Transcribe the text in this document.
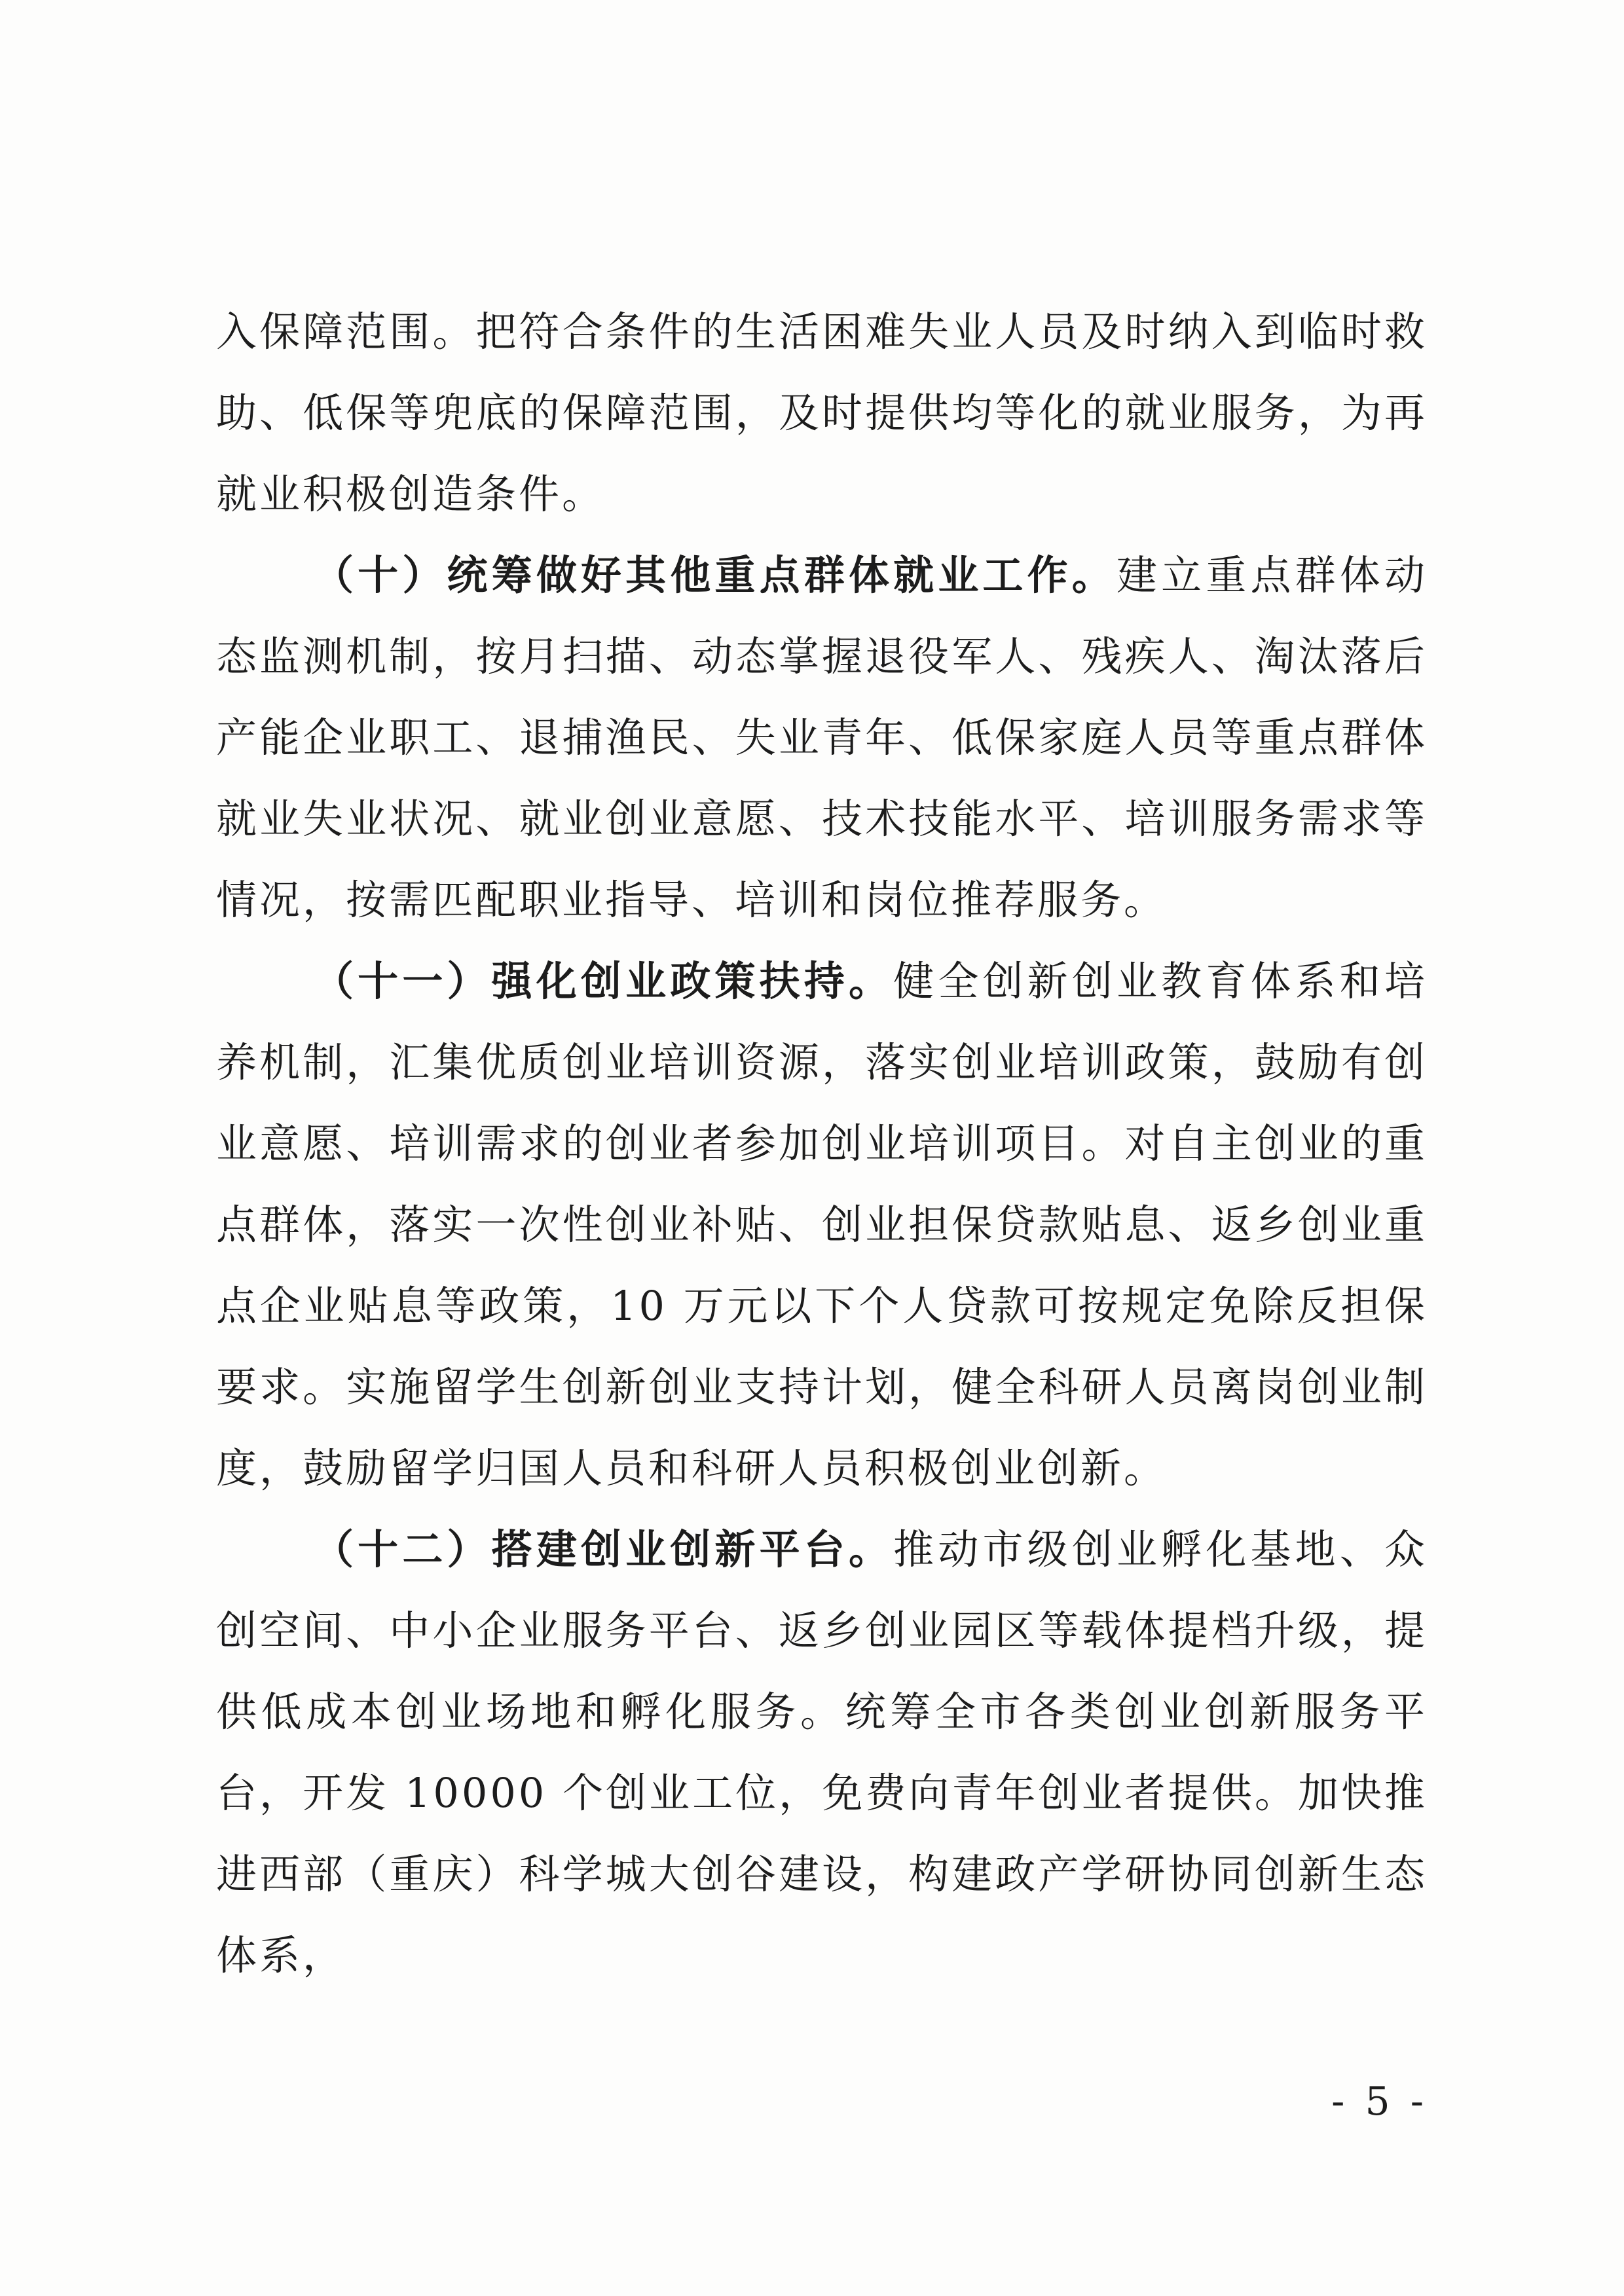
入保障范围。把符合条件的生活困难失业人员及时纳入到临时救助、低保等兜底的保障范围，及时提供均等化的就业服务，为再就业积极创造条件。

（十）统筹做好其他重点群体就业工作。建立重点群体动态监测机制，按月扫描、动态掌握退役军人、残疾人、淘汰落后产能企业职工、退捕渔民、失业青年、低保家庭人员等重点群体就业失业状况、就业创业意愿、技术技能水平、培训服务需求等情况，按需匹配职业指导、培训和岗位推荐服务。

（十一）强化创业政策扶持。健全创新创业教育体系和培养机制，汇集优质创业培训资源，落实创业培训政策，鼓励有创业意愿、培训需求的创业者参加创业培训项目。对自主创业的重点群体，落实一次性创业补贴、创业担保贷款贴息、返乡创业重点企业贴息等政策，10 万元以下个人贷款可按规定免除反担保要求。实施留学生创新创业支持计划，健全科研人员离岗创业制度，鼓励留学归国人员和科研人员积极创业创新。

（十二）搭建创业创新平台。推动市级创业孵化基地、众创空间、中小企业服务平台、返乡创业园区等载体提档升级，提供低成本创业场地和孵化服务。统筹全市各类创业创新服务平台，开发 10000 个创业工位，免费向青年创业者提供。加快推进西部（重庆）科学城大创谷建设，构建政产学研协同创新生态体系，

- 5 -
